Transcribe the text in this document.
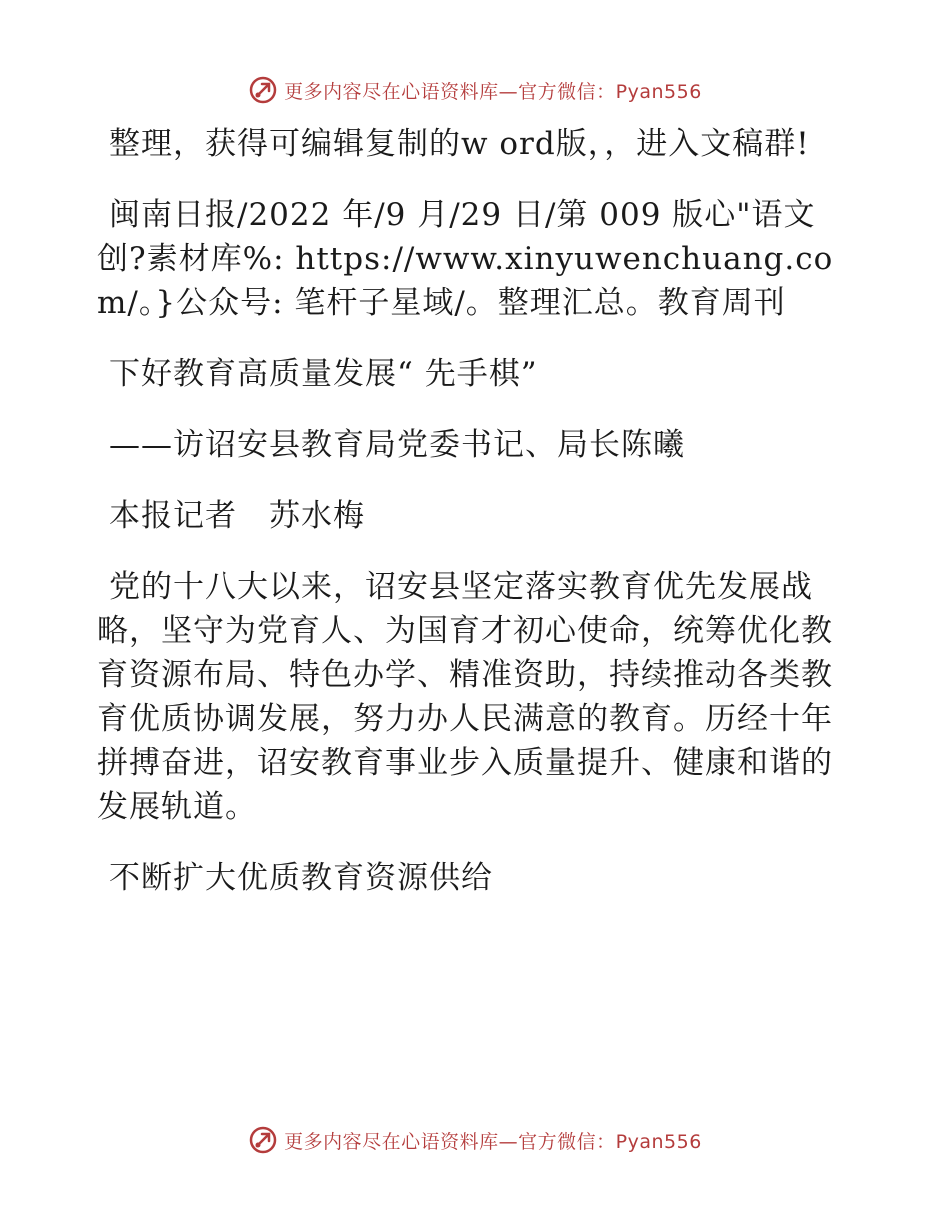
更多内容尽在心语资料库—官方微信：Pyan556

整理，获得可编辑复制的w ord版，，进入文稿群!

闽南日报/2022 年/9 月/29 日/第 009 版心"语文创?素材库%: https://www.xinyuwenchuang.com/。}公众号: 笔杆子星域/。整理汇总。教育周刊

下好教育高质量发展“ 先手棋”

——访诏安县教育局党委书记、局长陈曦

本报记者　苏水梅

党的十八大以来，诏安县坚定落实教育优先发展战略，坚守为党育人、为国育才初心使命，统筹优化教育资源布局、特色办学、精准资助，持续推动各类教育优质协调发展，努力办人民满意的教育。历经十年拼搏奋进，诏安教育事业步入质量提升、健康和谐的发展轨道。

不断扩大优质教育资源供给

更多内容尽在心语资料库—官方微信：Pyan556
